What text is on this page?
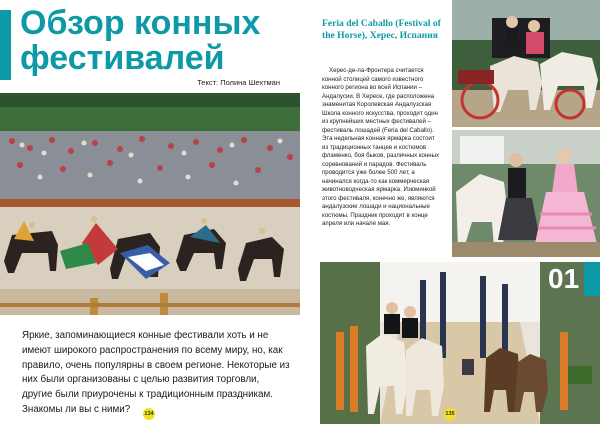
Обзор конных фестивалей
Текст: Полина Шехтман

Яркие, запоминающиеся конные фестивали хоть и не имеют широкого распространения по всему миру, но, как правило, очень популярны в своем регионе. Некоторые из них были организованы с целью развития торговли, другие были приурочены к традиционным праздникам. Знакомы ли вы с ними?	134
Feria del Caballo (Festival of the Horse), Херес, Испания

Херес-де-ла-Фронтера считается конной столицей самого известного конного региона во всей Испании – Андалусии. В Хересе, где расположена знаменитая Королевская Андалузская Школа конного искусства, проходит один из крупнейших местных фестивалей – фестиваль лошадей (Feria del Caballo). Эта недельная конная ярмарка состоит из традиционных танцев и костюмов фламенко, боя быков, различных конных соревнований и парадов. Фестиваль проводится уже более 500 лет, а начинался когда-то как коммерческая животноводческая ярмарка. Изюминкой этого фестиваля, конечно же, являются андалузские лошади и национальные костюмы. Праздник проходит в конце апреля или начале мая.

01
135
